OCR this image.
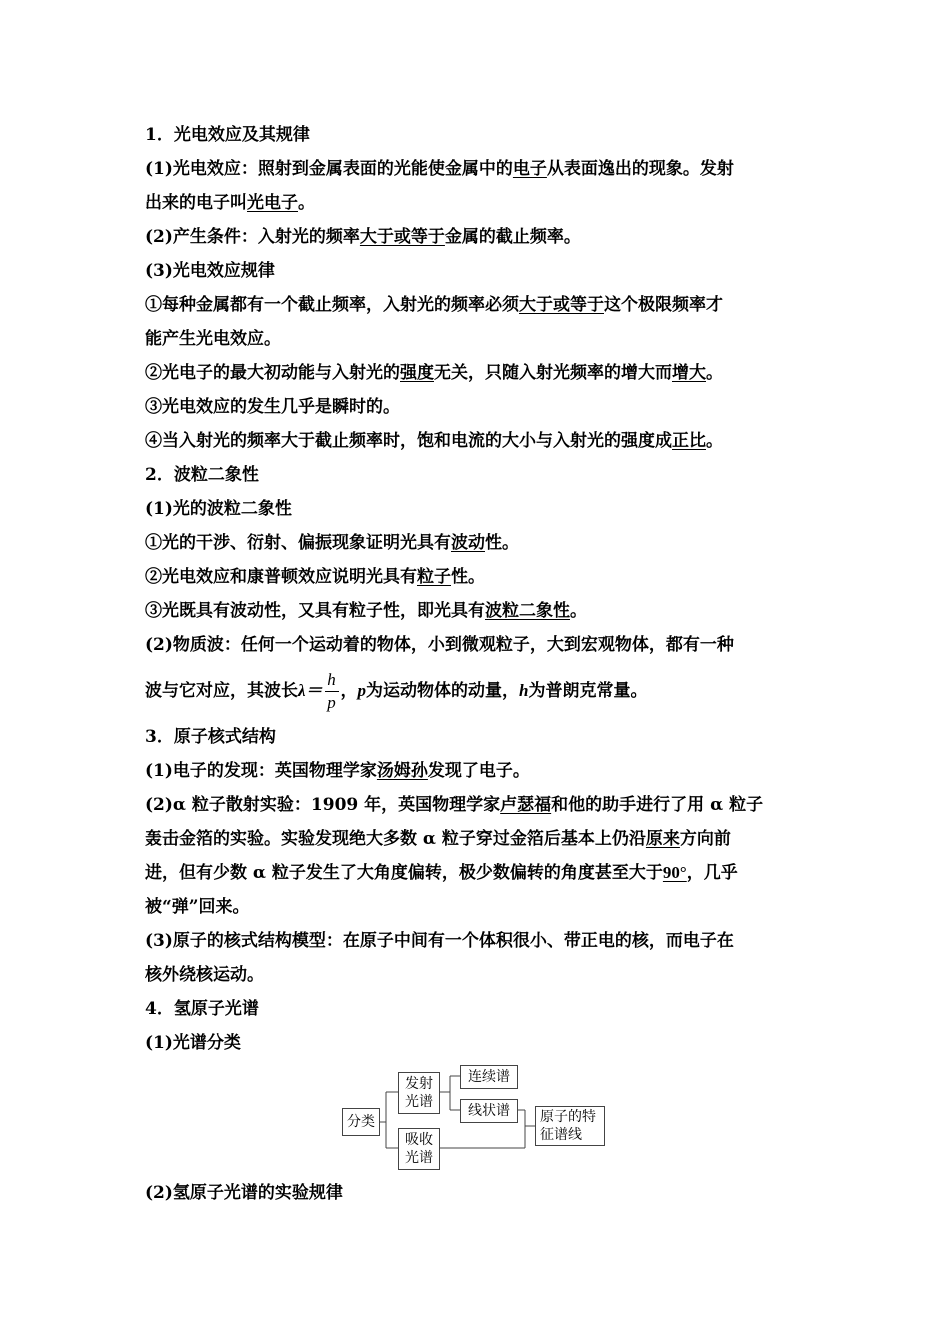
1．光电效应及其规律
(1)光电效应：照射到金属表面的光能使金属中的电子从表面逸出的现象。发射
出来的电子叫光电子。
(2)产生条件：入射光的频率大于或等于金属的截止频率。
(3)光电效应规律
①每种金属都有一个截止频率，入射光的频率必须大于或等于这个极限频率才
能产生光电效应。
②光电子的最大初动能与入射光的强度无关，只随入射光频率的增大而增大。
③光电效应的发生几乎是瞬时的。
④当入射光的频率大于截止频率时，饱和电流的大小与入射光的强度成正比。
2．波粒二象性
(1)光的波粒二象性
①光的干涉、衍射、偏振现象证明光具有波动性。
②光电效应和康普顿效应说明光具有粒子性。
③光既具有波动性，又具有粒子性，即光具有波粒二象性。
(2)物质波：任何一个运动着的物体，小到微观粒子，大到宏观物体，都有一种
波与它对应，其波长 $\lambda= \frac{h}{p}$ ， p 为运动物体的动量， h 为普朗克常量。
3．原子核式结构
(1)电子的发现：英国物理学家汤姆孙发现了电子。
(2)α 粒子散射实验：1909 年，英国物理学家卢瑟福和他的助手进行了用 α 粒子
轰击金箔的实验。实验发现绝大多数 α 粒子穿过金箔后基本上仍沿原来方向前
进，但有少数 α 粒子发生了大角度偏转，极少数偏转的角度甚至大于90°，几乎
被“弹”回来。
(3)原子的核式结构模型：在原子中间有一个体积很小、带正电的核，而电子在
核外绕核运动。
4．氢原子光谱
(1)光谱分类
分类
发射
光谱
吸收
光谱
连续谱
线状谱 原子的特
征谱线
(2)氢原子光谱的实验规律
